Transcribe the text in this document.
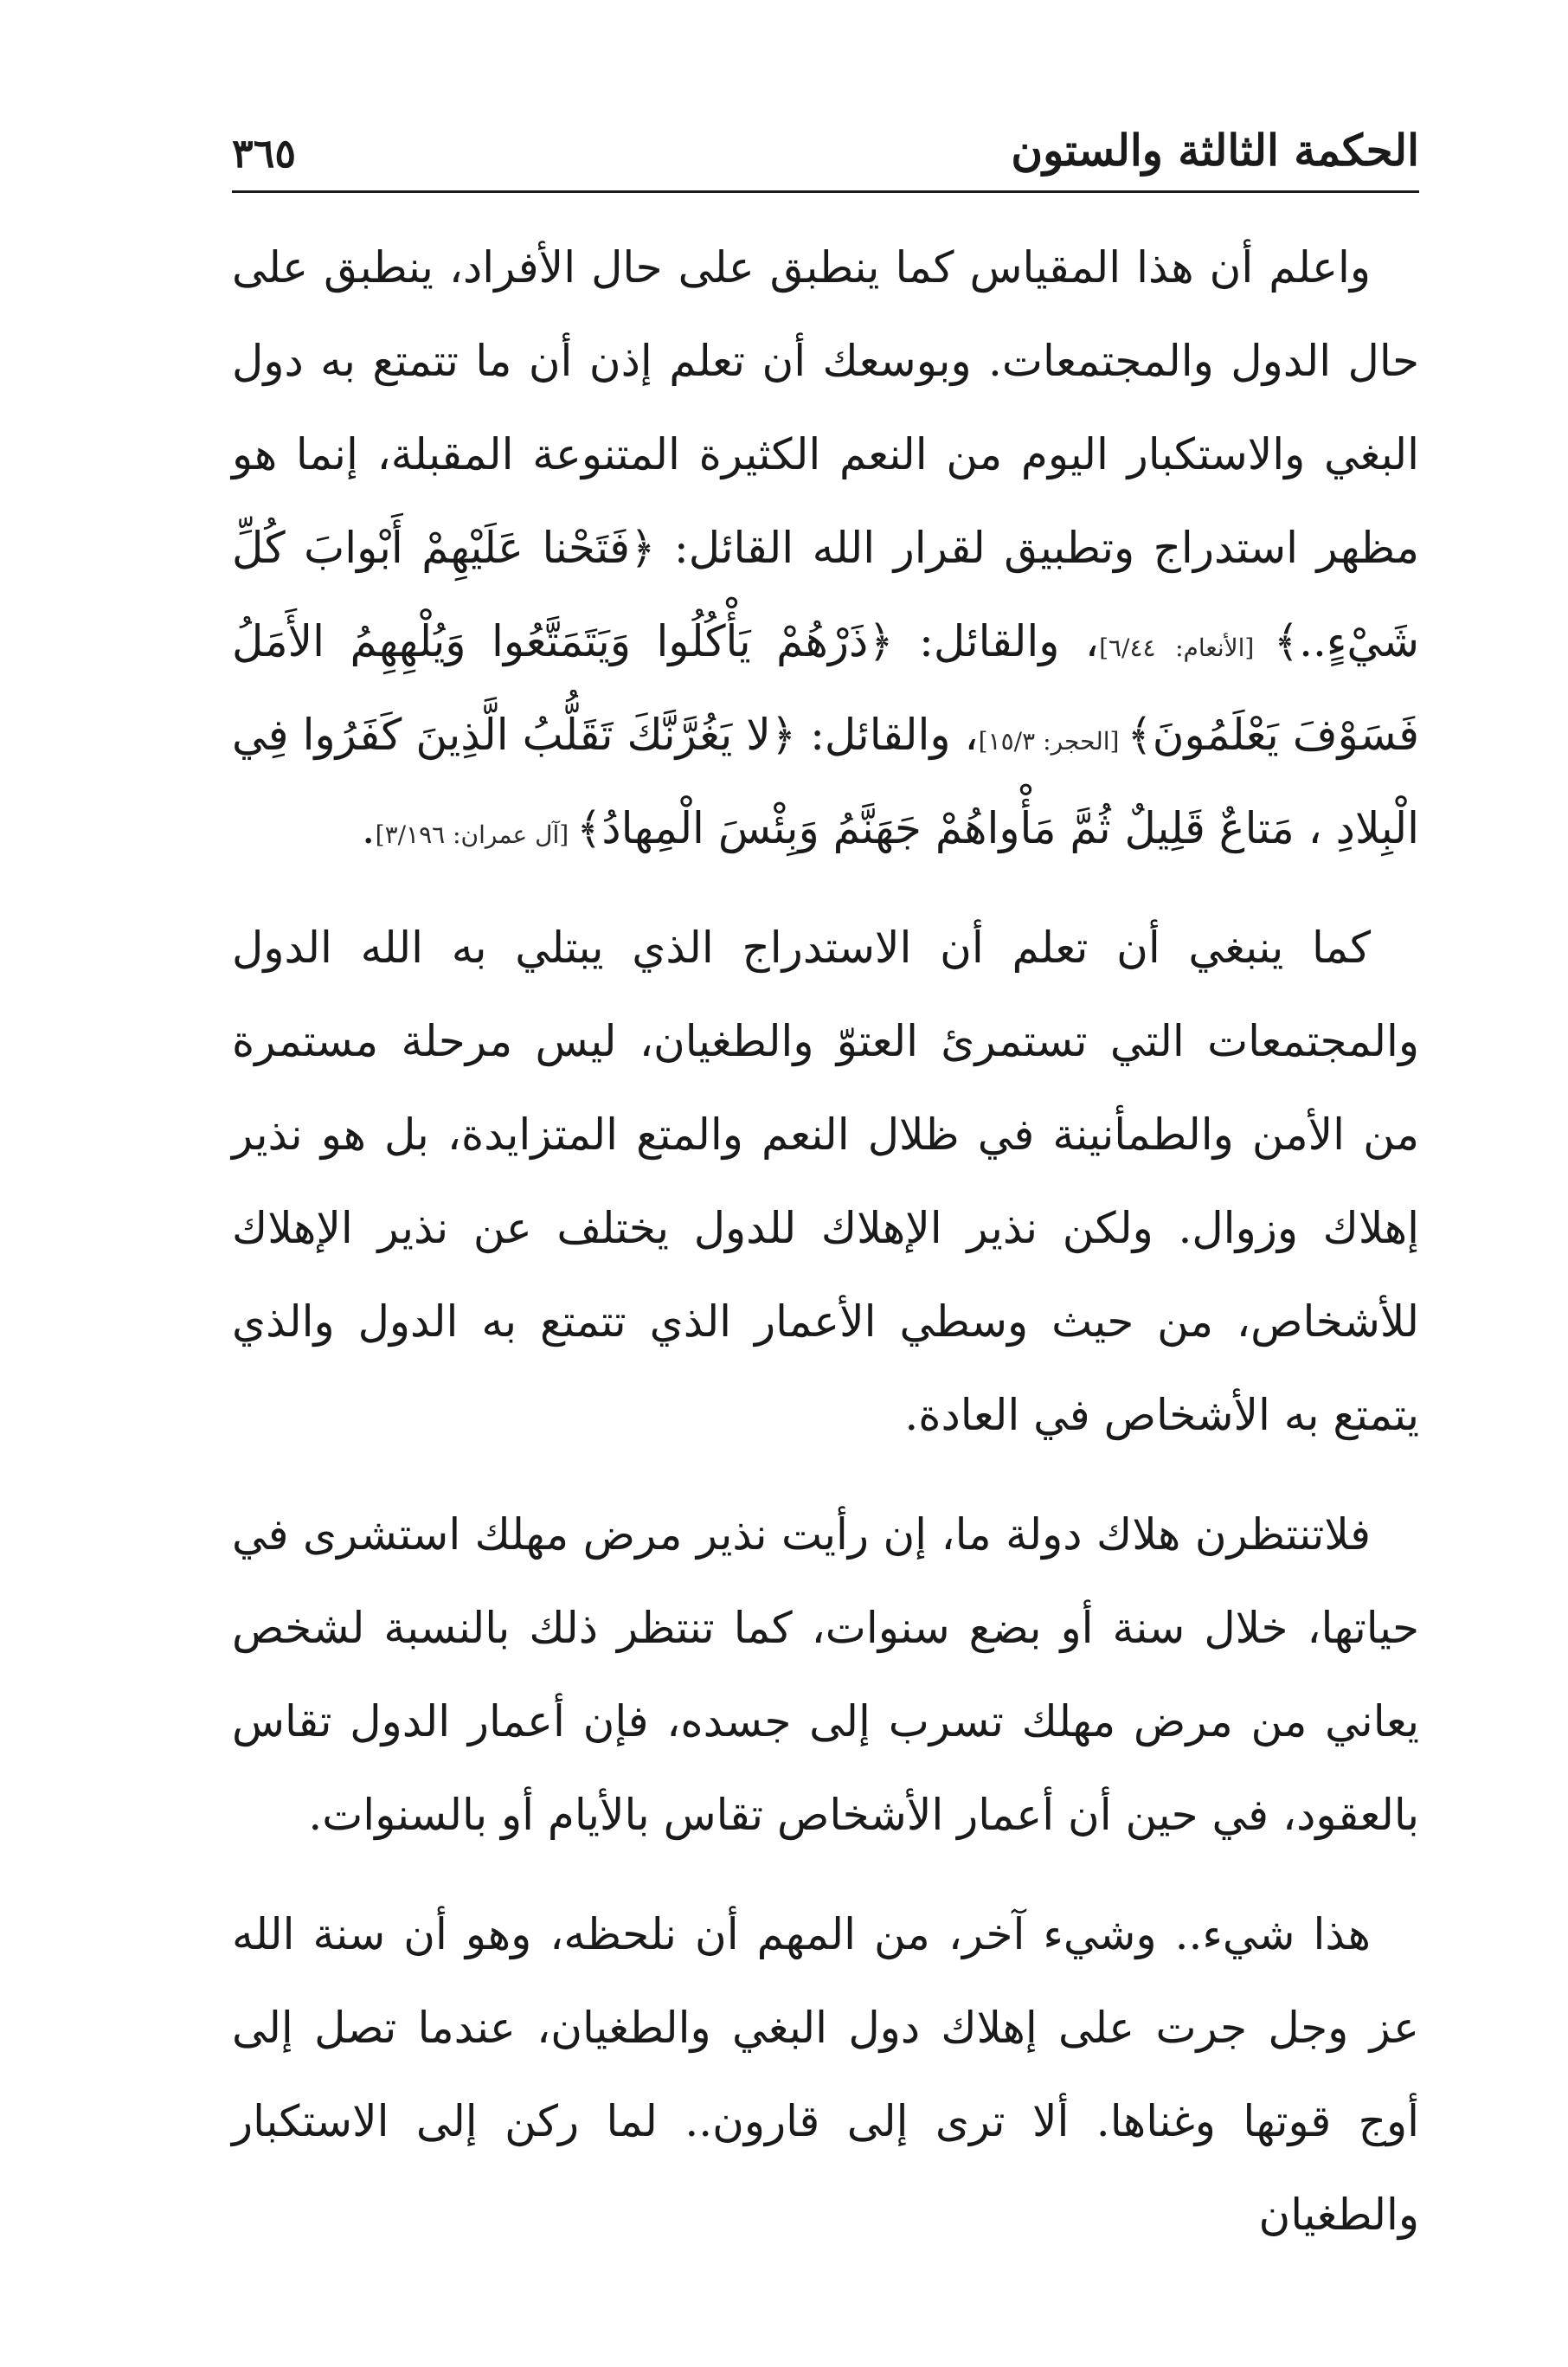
٣٦٥	الحكمة الثالثة والستون

واعلم أن هذا المقياس كما ينطبق على حال الأفراد، ينطبق على حال الدول والمجتمعات. وبوسعك أن تعلم إذن أن ما تتمتع به دول البغي والاستكبار اليوم من النعم الكثيرة المتنوعة المقبلة، إنما هو مظهر استدراج وتطبيق لقرار الله القائل: ﴿فَتَحْنا عَلَيْهِمْ أَبْوابَ كُلِّ شَيْءٍ..﴾ [الأنعام: ٦/٤٤]، والقائل: ﴿ذَرْهُمْ يَأْكُلُوا وَيَتَمَتَّعُوا وَيُلْهِهِمُ الأَمَلُ فَسَوْفَ يَعْلَمُونَ﴾ [الحجر: ١٥/٣]، والقائل: ﴿لا يَغُرَّنَّكَ تَقَلُّبُ الَّذِينَ كَفَرُوا فِي الْبِلادِ ، مَتاعٌ قَلِيلٌ ثُمَّ مَأْواهُمْ جَهَنَّمُ وَبِئْسَ الْمِهادُ﴾ [آل عمران: ٣/١٩٦].

كما ينبغي أن تعلم أن الاستدراج الذي يبتلي به الله الدول والمجتمعات التي تستمرئ العتوّ والطغيان، ليس مرحلة مستمرة من الأمن والطمأنينة في ظلال النعم والمتع المتزايدة، بل هو نذير إهلاك وزوال. ولكن نذير الإهلاك للدول يختلف عن نذير الإهلاك للأشخاص، من حيث وسطي الأعمار الذي تتمتع به الدول والذي يتمتع به الأشخاص في العادة.

فلاتنتظرن هلاك دولة ما، إن رأيت نذير مرض مهلك استشرى في حياتها، خلال سنة أو بضع سنوات، كما تنتظر ذلك بالنسبة لشخص يعاني من مرض مهلك تسرب إلى جسده، فإن أعمار الدول تقاس بالعقود، في حين أن أعمار الأشخاص تقاس بالأيام أو بالسنوات.

هذا شيء.. وشيء آخر، من المهم أن نلحظه، وهو أن سنة الله عز وجل جرت على إهلاك دول البغي والطغيان، عندما تصل إلى أوج قوتها وغناها. ألا ترى إلى قارون.. لما ركن إلى الاستكبار والطغيان
